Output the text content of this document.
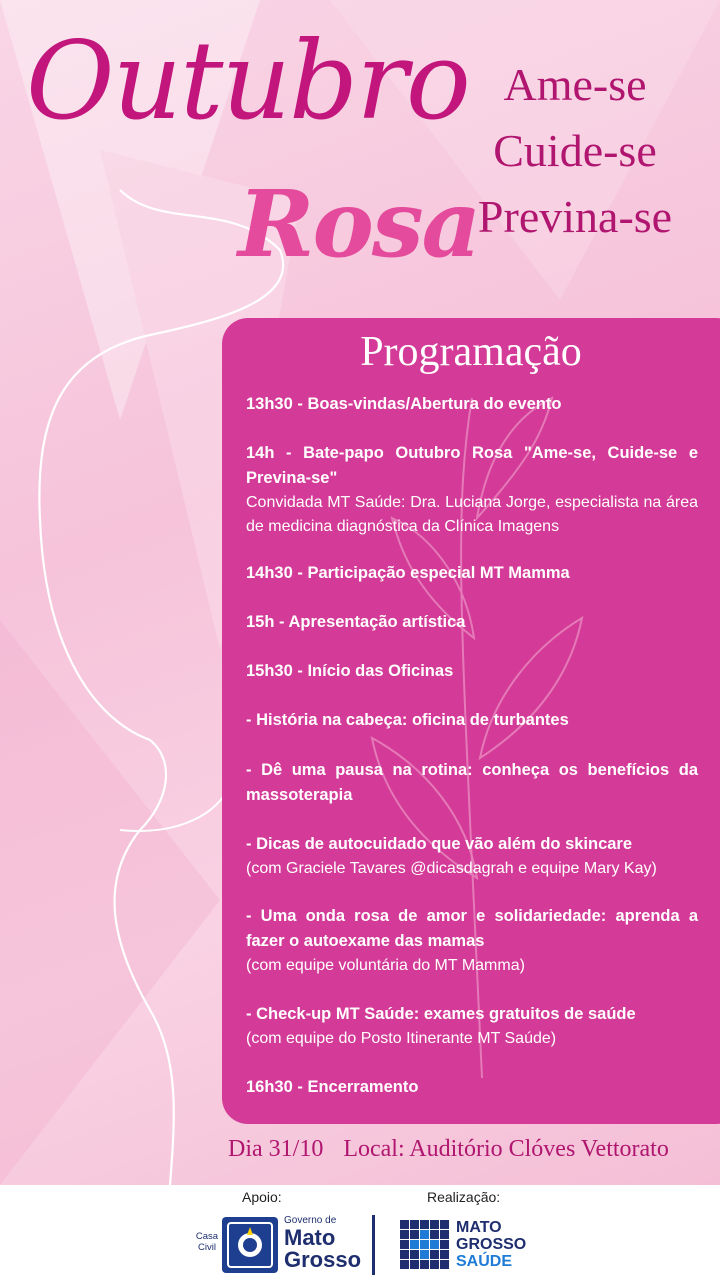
Outubro
Rosa

Ame-se

Cuide-se

Previna-se

Programação
13h30 - Boas-vindas/Abertura do evento
14h - Bate-papo Outubro Rosa "Ame-se, Cuide-se e Previna-se"
Convidada MT Saúde: Dra. Luciana Jorge, especialista na área de medicina diagnóstica da Clínica Imagens
14h30 - Participação especial MT Mamma
15h - Apresentação artística
15h30 - Início das Oficinas
- História na cabeça: oficina de turbantes
- Dê uma pausa na rotina: conheça os benefícios da massoterapia
- Dicas de autocuidado que vão além do skincare
(com Graciele Tavares @dicasdagrah e equipe Mary Kay)
- Uma onda rosa de amor e solidariedade: aprenda a fazer o autoexame das mamas
(com equipe voluntária do MT Mamma)
- Check-up MT Saúde: exames gratuitos de saúde
(com equipe do Posto Itinerante MT Saúde)
16h30 - Encerramento

Dia 31/10 Local: Auditório Clóves Vettorato

Apoio:	Realização:
Casa Civil
Governo de
Mato
Grosso
MATO
GROSSO
SAÚDE
